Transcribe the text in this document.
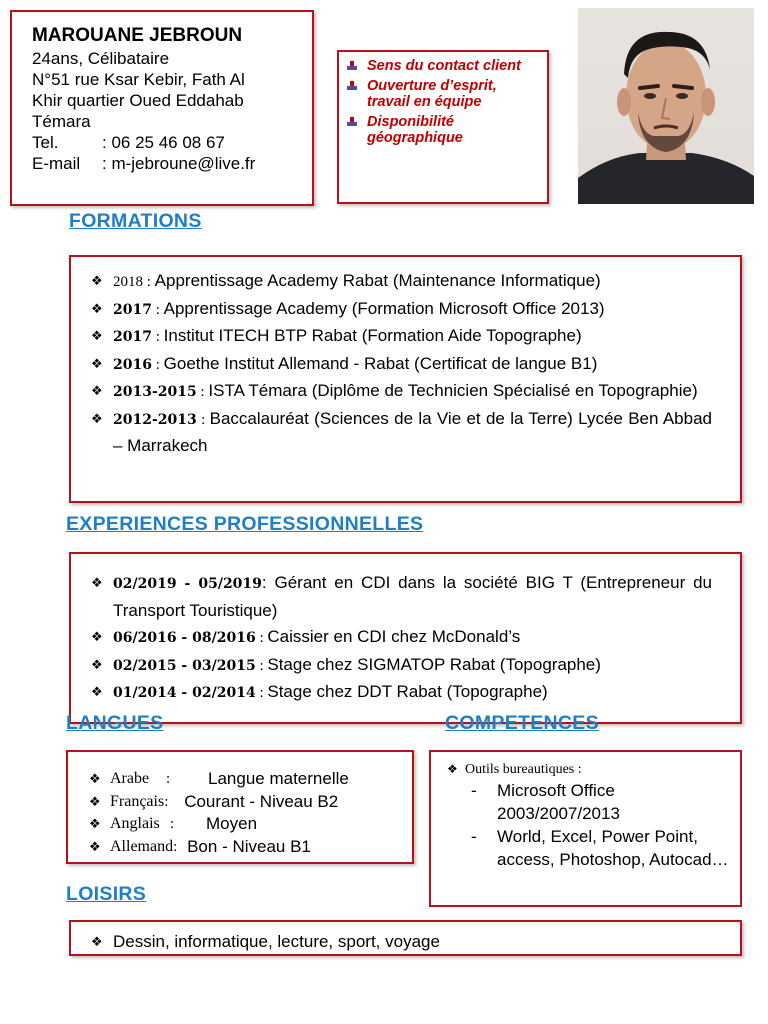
MAROUANE JEBROUN
24ans, Célibataire
N°51 rue Ksar Kebir, Fath Al
Khir quartier Oued Eddahab
Témara
Tel.	: 06 25 46 08 67
E-mail	: m-jebroune@live.fr
Sens du contact client
Ouverture d’esprit, travail en équipe
Disponibilité géographique
FORMATIONS
❖ 2018 : Apprentissage Academy Rabat (Maintenance Informatique)
❖ 2017 : Apprentissage Academy (Formation Microsoft Office 2013)
❖ 2017 : Institut ITECH BTP Rabat (Formation Aide Topographe)
❖ 2016 : Goethe Institut Allemand - Rabat (Certificat de langue B1)
❖ 2013-2015 : ISTA Témara (Diplôme de Technicien Spécialisé en Topographie)
❖ 2012-2013 : Baccalauréat (Sciences de la Vie et de la Terre) Lycée Ben Abbad – Marrakech
EXPERIENCES PROFESSIONNELLES
❖ 02/2019 - 05/2019: Gérant en CDI dans la société BIG T (Entrepreneur du Transport Touristique)
❖ 06/2016 - 08/2016 : Caissier en CDI chez McDonald’s
❖ 02/2015 - 03/2015 : Stage chez SIGMATOP Rabat (Topographe)
❖ 01/2014 - 02/2014 : Stage chez DDT Rabat (Topographe)
LANGUES	COMPETENCES
❖ Arabe	:	Langue maternelle
❖ Français : Courant - Niveau B2
❖ Anglais :	Moyen
❖ Allemand : Bon - Niveau B1
❖ Outils bureautiques :
- Microsoft Office 2003/2007/2013
- World, Excel, Power Point, access, Photoshop, Autocad…
LOISIRS
❖ Dessin, informatique, lecture, sport, voyage
